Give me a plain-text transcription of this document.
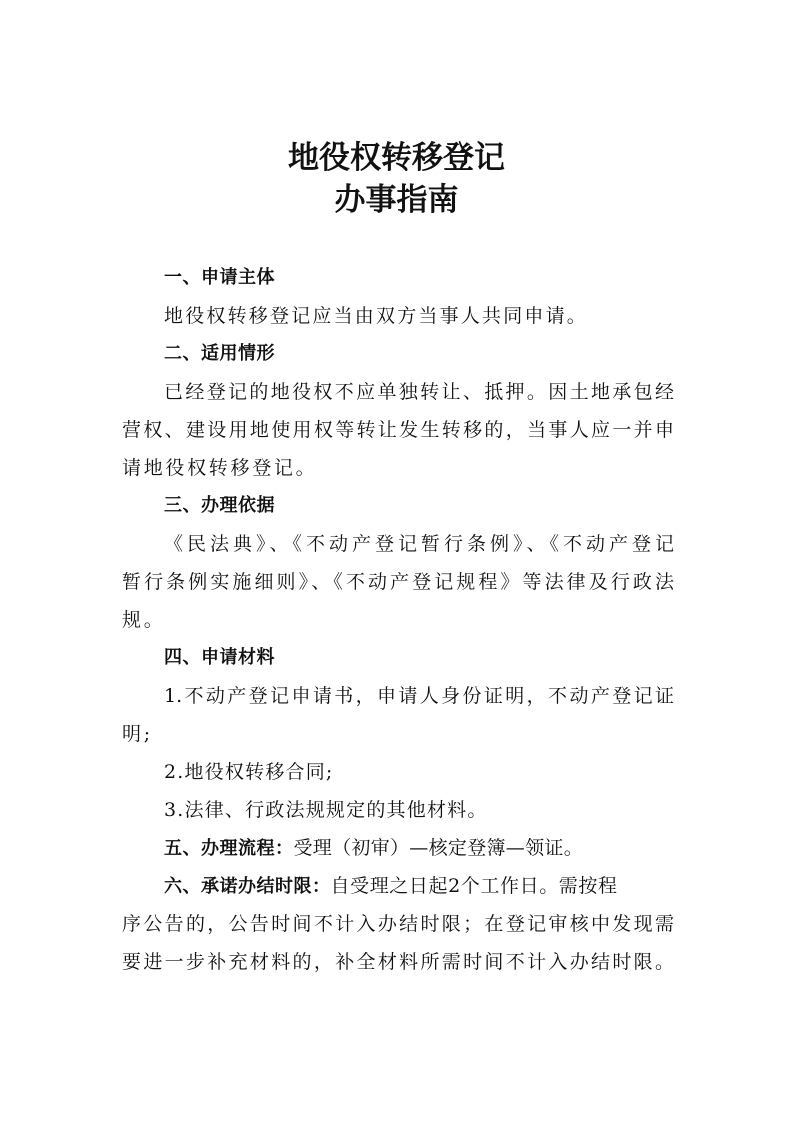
地役权转移登记
办事指南
一、申请主体
地役权转移登记应当由双方当事人共同申请。
二、适用情形
已经登记的地役权不应单独转让、抵押。因土地承包经
营权、建设用地使用权等转让发生转移的，当事人应一并申
请地役权转移登记。
三、办理依据
《民法典》、《不动产登记暂行条例》、《不动产登记
暂行条例实施细则》、《不动产登记规程》等法律及行政法
规。
四、申请材料
1.不动产登记申请书，申请人身份证明，不动产登记证
明;
2.地役权转移合同;
3.法律、行政法规规定的其他材料。
五、办理流程：受理（初审）—核定登簿—领证。
六、承诺办结时限：自受理之日起2个工作日。需按程
序公告的，公告时间不计入办结时限；在登记审核中发现需
要进一步补充材料的，补全材料所需时间不计入办结时限。
